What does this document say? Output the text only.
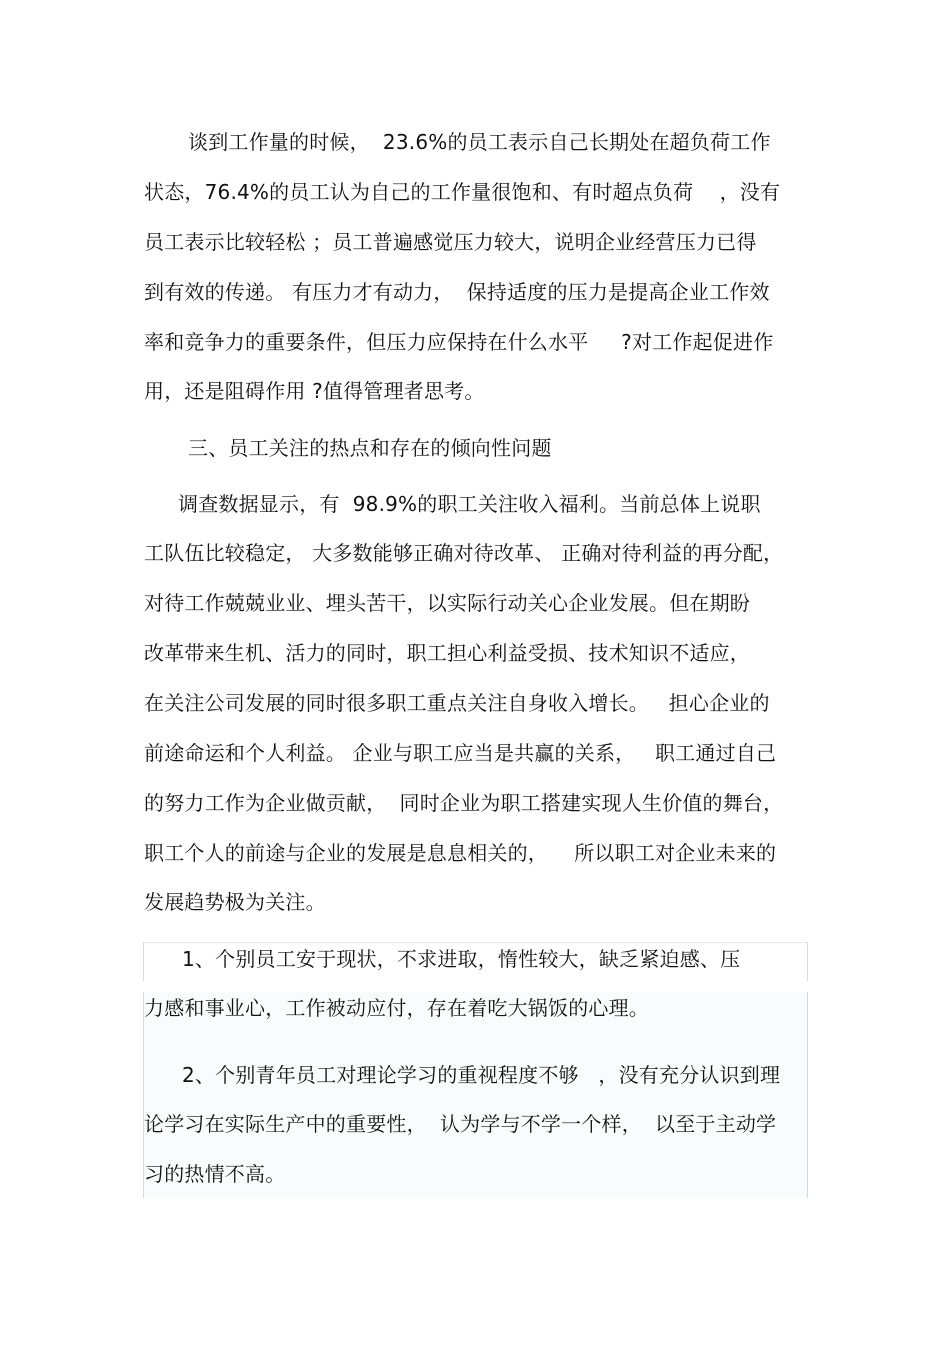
谈到工作量的时候，  23.6%的员工表示自己长期处在超负荷工作
状态，76.4%的员工认为自己的工作量很饱和、有时超点负荷    ，没有
员工表示比较轻松 ；员工普遍感觉压力较大，说明企业经营压力已得
到有效的传递。 有压力才有动力，  保持适度的压力是提高企业工作效
率和竞争力的重要条件，但压力应保持在什么水平     ?对工作起促进作
用，还是阻碍作用 ?值得管理者思考。
三、员工关注的热点和存在的倾向性问题
调查数据显示，有  98.9%的职工关注收入福利。当前总体上说职
工队伍比较稳定， 大多数能够正确对待改革、 正确对待利益的再分配，
对待工作兢兢业业、埋头苦干，以实际行动关心企业发展。但在期盼
改革带来生机、活力的同时，职工担心利益受损、技术知识不适应，
在关注公司发展的同时很多职工重点关注自身收入增长。   担心企业的
前途命运和个人利益。 企业与职工应当是共赢的关系，   职工通过自己
的努力工作为企业做贡献，  同时企业为职工搭建实现人生价值的舞台，
职工个人的前途与企业的发展是息息相关的，    所以职工对企业未来的
发展趋势极为关注。
1、个别员工安于现状，不求进取，惰性较大，缺乏紧迫感、压
力感和事业心，工作被动应付，存在着吃大锅饭的心理。
2、个别青年员工对理论学习的重视程度不够   ，没有充分认识到理
论学习在实际生产中的重要性，  认为学与不学一个样，  以至于主动学
习的热情不高。
